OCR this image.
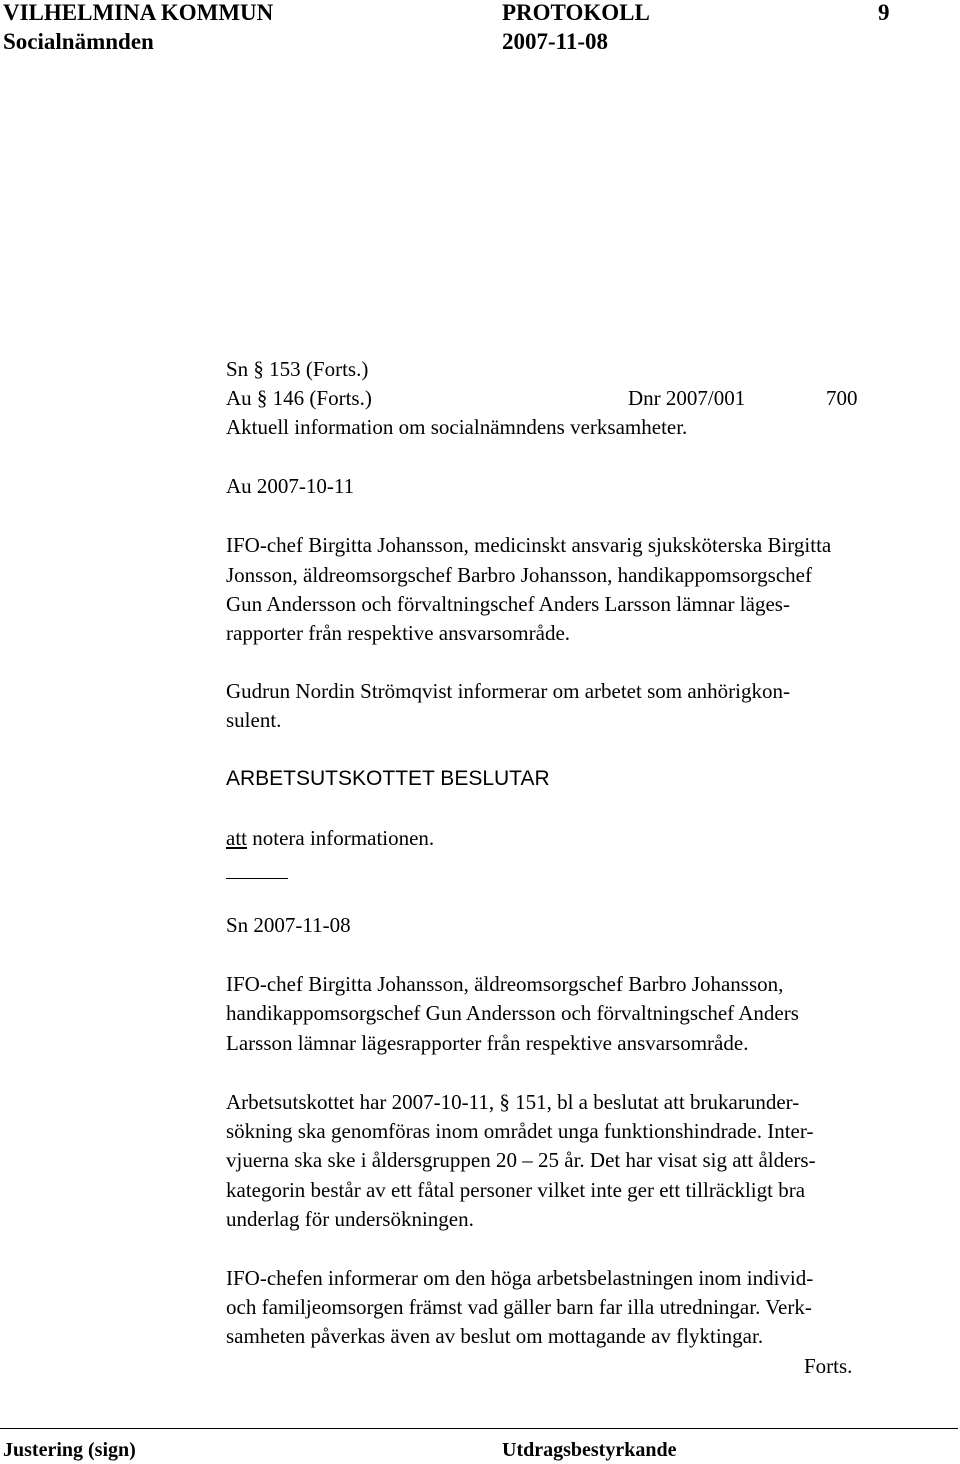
VILHELMINA KOMMUN	PROTOKOLL	9
Socialnämnden	2007-11-08
Sn § 153 (Forts.)
Au § 146 (Forts.)	Dnr 2007/001	700
Aktuell information om socialnämndens verksamheter.
Au 2007-10-11
IFO-chef Birgitta Johansson, medicinskt ansvarig sjuksköterska Birgitta
Jonsson, äldreomsorgschef Barbro Johansson, handikappomsorgschef
Gun Andersson och förvaltningschef Anders Larsson lämnar läges-
rapporter från respektive ansvarsområde.
Gudrun Nordin Strömqvist informerar om arbetet som anhörigkon-
sulent.
ARBETSUTSKOTTET BESLUTAR
att notera informationen.
Sn 2007-11-08
IFO-chef Birgitta Johansson, äldreomsorgschef Barbro Johansson,
handikappomsorgschef Gun Andersson och förvaltningschef Anders
Larsson lämnar lägesrapporter från respektive ansvarsområde.
Arbetsutskottet har 2007-10-11, § 151, bl a beslutat att brukarunder-
sökning ska genomföras inom området unga funktionshindrade. Inter-
vjuerna ska ske i åldersgruppen 20 – 25 år. Det har visat sig att ålders-
kategorin består av ett fåtal personer vilket inte ger ett tillräckligt bra
underlag för undersökningen.
IFO-chefen informerar om den höga arbetsbelastningen inom individ-
och familjeomsorgen främst vad gäller barn far illa utredningar. Verk-
samheten påverkas även av beslut om mottagande av flyktingar.
Forts.
Justering (sign)	Utdragsbestyrkande
